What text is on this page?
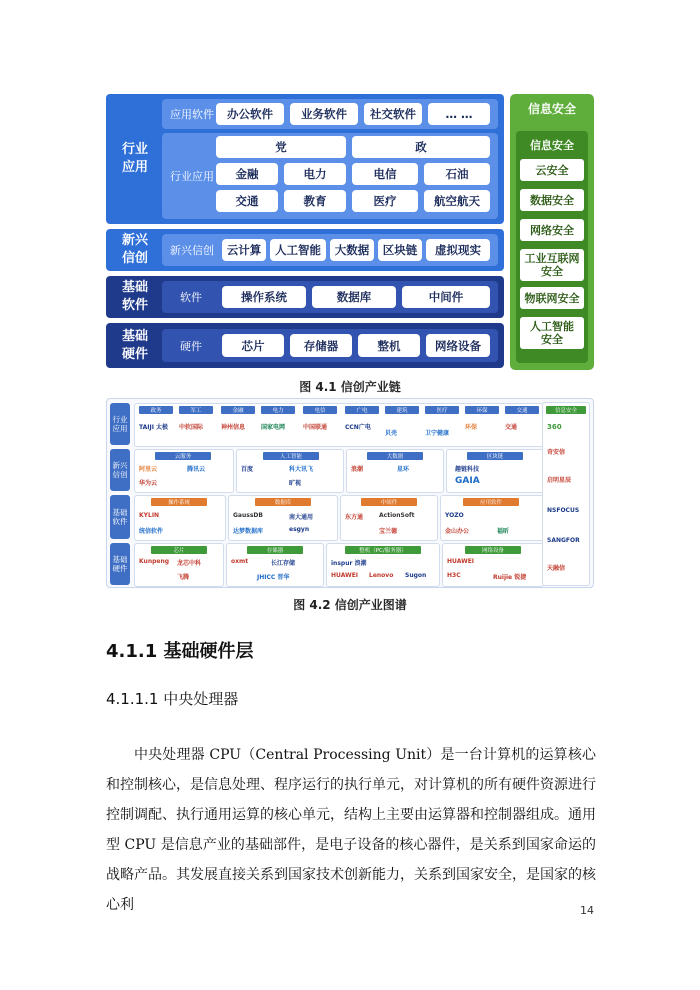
行业
应用
应用软件	办公软件	业务软件	社交软件	… …
行业应用
党	政
金融	电力	电信	石油
交通	教育	医疗	航空航天
新兴
信创
新兴信创	云计算	人工智能	大数据	区块链	虚拟现实
基础
软件
软件	操作系统	数据库	中间件
基础
硬件
硬件	芯片	存储器	整机	网络设备
信息安全
信息安全
云安全
数据安全
网络安全
工业互联网
安全
物联网安全
人工智能
安全
图 4.1 信创产业链
行业
应用
新兴
信创
基础
软件
基础
硬件
政务	军工	金融	电力	电信	广电	建筑	医疗	环保	交通
TAIJI 太极 中软国际	神州信息	国家电网	中国联通	CCN广电
贝壳	卫宁健康
环保	交通
云服务
阿里云	腾讯云
华为云
人工智能
百度	科大讯飞
旷视
大数据
浪潮	星环
区块链
趣链科技
GAIA
操作系统
KYLIN
统信软件
数据库
GaussDB
达梦数据库
南大通用
esgyn
中间件
东方通	ActionSoft
宝兰德
应用软件
YOZO
金山办公	福昕
芯片
Kunpeng 龙芯中科
飞腾
存储器
oxmt	长江存储
JHICC 晋华
整机（PC/服务器）
inspur 浪潮
HUAWEI Lenovo Sugon
网络设备
HUAWEI
H3C	Ruijie 锐捷
信息安全
360
奇安信
启明星辰
NSFOCUS
SANGFOR
天融信
图 4.2 信创产业图谱
4.1.1 基础硬件层
4.1.1.1 中央处理器
中央处理器 CPU（Central Processing Unit）是一台计算机的运算核心和控制核心，是信息处理、程序运行的执行单元，对计算机的所有硬件资源进行控制调配、执行通用运算的核心单元，结构上主要由运算器和控制器组成。通用型 CPU 是信息产业的基础部件，是电子设备的核心器件，是关系到国家命运的战略产品。其发展直接关系到国家技术创新能力，关系到国家安全，是国家的核心利	14
